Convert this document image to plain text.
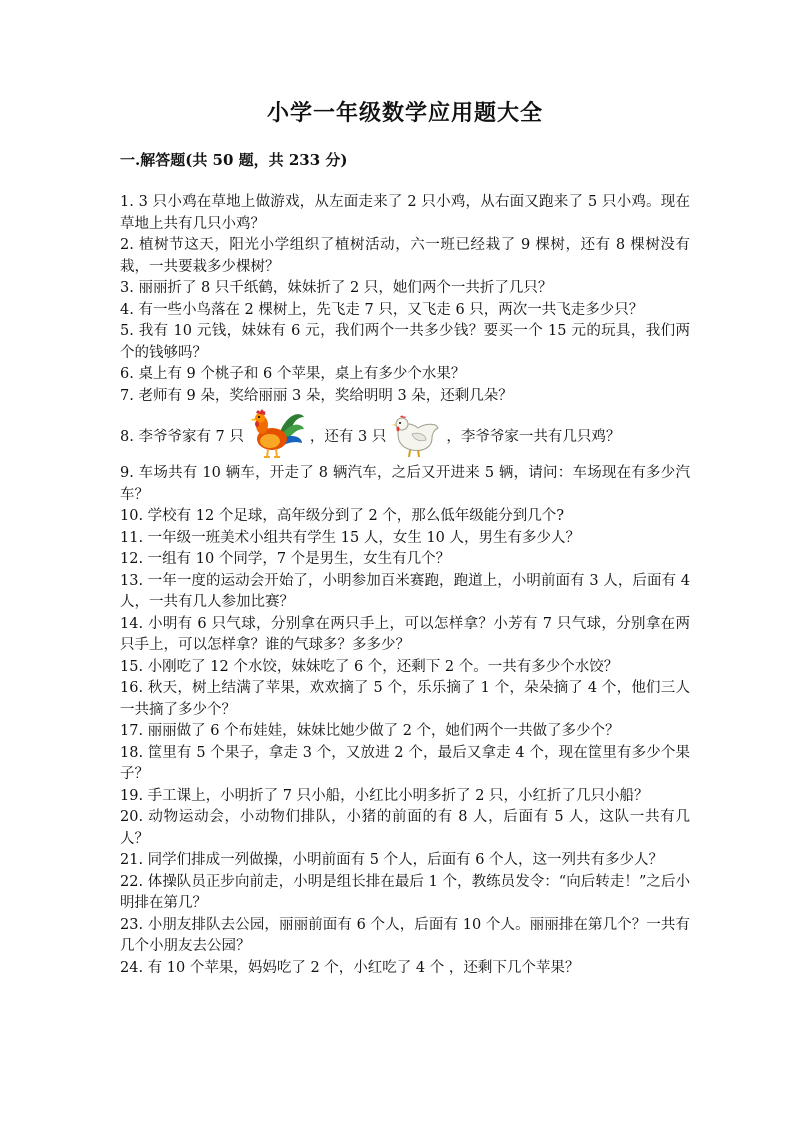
小学一年级数学应用题大全
一.解答题(共 50 题，共 233 分)

1. 3 只小鸡在草地上做游戏，从左面走来了 2 只小鸡，从右面又跑来了 5 只小鸡。现在草地上共有几只小鸡？

2. 植树节这天，阳光小学组织了植树活动，六一班已经栽了 9 棵树，还有 8 棵树没有栽，一共要栽多少棵树？

3. 丽丽折了 8 只千纸鹤，妹妹折了 2 只，她们两个一共折了几只？

4. 有一些小鸟落在 2 棵树上，先飞走 7 只，又飞走 6 只，两次一共飞走多少只？

5. 我有 10 元钱，妹妹有 6 元，我们两个一共多少钱？要买一个 15 元的玩具，我们两个的钱够吗？

6. 桌上有 9 个桃子和 6 个苹果，桌上有多少个水果？

7. 老师有 9 朵，奖给丽丽 3 朵，奖给明明 3 朵，还剩几朵？

8. 李爷爷家有 7 只	，还有 3 只	，李爷爷家一共有几只鸡？

9. 车场共有 10 辆车，开走了 8 辆汽车，之后又开进来 5 辆，请问：车场现在有多少汽车？

10. 学校有 12 个足球，高年级分到了 2 个，那么低年级能分到几个?

11. 一年级一班美术小组共有学生 15 人，女生 10 人，男生有多少人？

12. 一组有 10 个同学，7 个是男生，女生有几个？

13. 一年一度的运动会开始了，小明参加百米赛跑，跑道上，小明前面有 3 人，后面有 4 人，一共有几人参加比赛？

14. 小明有 6 只气球，分别拿在两只手上，可以怎样拿？小芳有 7 只气球，分别拿在两只手上，可以怎样拿？谁的气球多？多多少？

15. 小刚吃了 12 个水饺，妹妹吃了 6 个，还剩下 2 个。一共有多少个水饺？

16. 秋天，树上结满了苹果，欢欢摘了 5 个，乐乐摘了 1 个，朵朵摘了 4 个，他们三人一共摘了多少个？

17. 丽丽做了 6 个布娃娃，妹妹比她少做了 2 个，她们两个一共做了多少个？

18. 筐里有 5 个果子，拿走 3 个，又放进 2 个，最后又拿走 4 个，现在筐里有多少个果子？

19. 手工课上，小明折了 7 只小船，小红比小明多折了 2 只，小红折了几只小船？

20. 动物运动会，小动物们排队，小猪的前面的有 8 人，后面有 5 人，这队一共有几人？

21. 同学们排成一列做操，小明前面有 5 个人，后面有 6 个人，这一列共有多少人？

22. 体操队员正步向前走，小明是组长排在最后 1 个，教练员发令：“向后转走！”之后小明排在第几？

23. 小朋友排队去公园，丽丽前面有 6 个人，后面有 10 个人。丽丽排在第几个？一共有几个小朋友去公园？

24. 有 10 个苹果，妈妈吃了 2 个，小红吃了 4 个 ，还剩下几个苹果？
